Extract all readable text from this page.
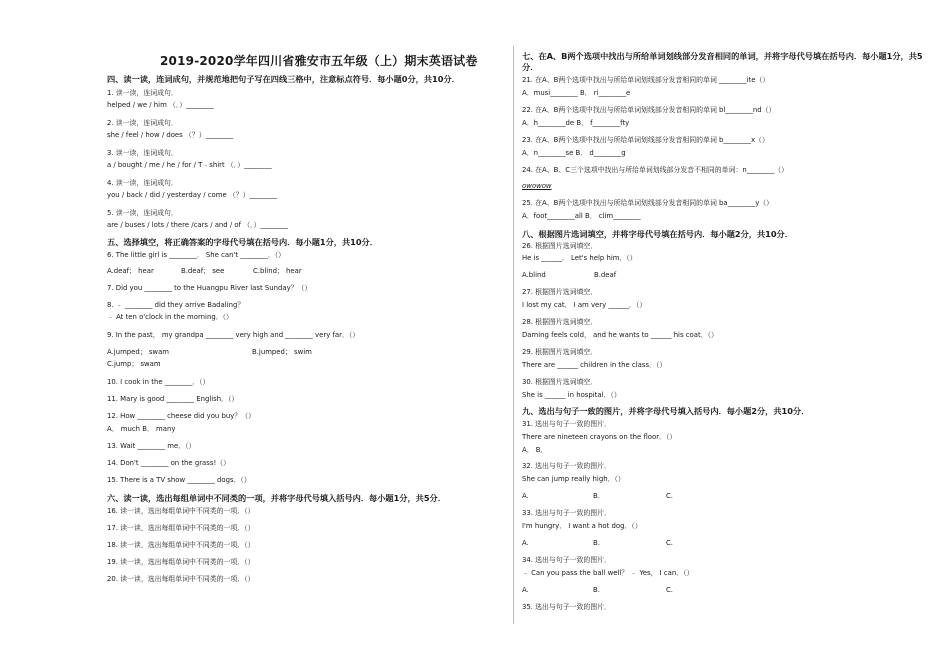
2019-2020学年四川省雅安市五年级（上）期末英语试卷
四、读一读，连词成句，并规范地把句子写在四线三格中，注意标点符号．每小题0分，共10分．
1. 读一读，连词成句．
helped / we / him （．）________
2. 读一读，连词成句．
she / feel / how / does （？）________
3. 读一读，连词成句．
a / bought / me / he / for / T﹣shirt （．）________
4. 读一读，连词成句．
you / back / did / yesterday / come （？）________
5. 读一读，连词成句．
are / buses / lots / there /cars / and / of （．）________
五、选择填空，将正确答案的字母代号填在括号内．每小题1分，共10分．
6. The little girl is ________． She can't ________．（）
A.deaf； hear	B.deaf； see	C.blind； hear
7. Did you ________ to the Huangpu River last Sunday？（）
8. ﹣ ________ did they arrive Badaling？
﹣ At ten o'clock in the morning．（）
9. In the past， my grandpa ________ very high and ________ very far．（）
A.jumped； swam	B.jumped； swim
C.jump； swam
10. I cook in the ________．（）
11. Mary is good ________ English．（）
12. How ________ cheese did you buy？（）
A． much B． many
13. Wait ________ me．（）
14. Don't ________ on the grass!（）
15. There is a TV show ________ dogs．（）
六、读一读，选出每组单词中不同类的一项，并将字母代号填入括号内．每小题1分，共5分．
16. 读一读，选出每组单词中不同类的一项．（）
17. 读一读，选出每组单词中不同类的一项．（）
18. 读一读，选出每组单词中不同类的一项．（）
19. 读一读，选出每组单词中不同类的一项．（）
20. 读一读，选出每组单词中不同类的一项．（）
七、在A、B两个选项中找出与所给单词划线部分发音相同的单词，并将字母代号填在括号内．每小题1分，共5分．
21. 在A、B两个选项中找出与所给单词划线部分发音相同的单词 ________ite（）
A．musi________ B． ri________e
22. 在A、B两个选项中找出与所给单词划线部分发音相同的单词 bl________nd（）
A．h________de B． f________fty
23. 在A、B两个选项中找出与所给单词划线部分发音相同的单词 b________x（）
A．n________se B． d________g
24. 在A、B、C三个选项中找出与所给单词划线部分发音不相同的单词：n________（）
owowow
25. 在A、B两个选项中找出与所给单词划线部分发音相同的单词 ba________y（）
A．foot________all B． clim________
八、根据图片选词填空，并将字母代号填在括号内．每小题2分，共10分．
26. 根据图片选词填空．
He is ______． Let's help him．（）
A.blind	B.deaf
27. 根据图片选词填空．
I lost my cat． I am very ______．（）
28. 根据图片选词填空．
Daming feels cold， and he wants to ______ his coat．（）
29. 根据图片选词填空．
There are ______ children in the class．（）
30. 根据图片选词填空．
She is ______ in hospital．（）
九、选出与句子一致的图片，并将字母代号填入括号内．每小题2分，共10分．
31. 选出与句子一致的图片．
There are nineteen crayons on the floor．（）
A． B．
32. 选出与句子一致的图片．
She can jump really high．（）
A.	B.	C.
33. 选出与句子一致的图片．
I'm hungry． I want a hot dog．（）
A.	B.	C.
34. 选出与句子一致的图片．
﹣ Can you pass the ball well？ ﹣ Yes， I can．（）
A.	B.	C.
35. 选出与句子一致的图片．
